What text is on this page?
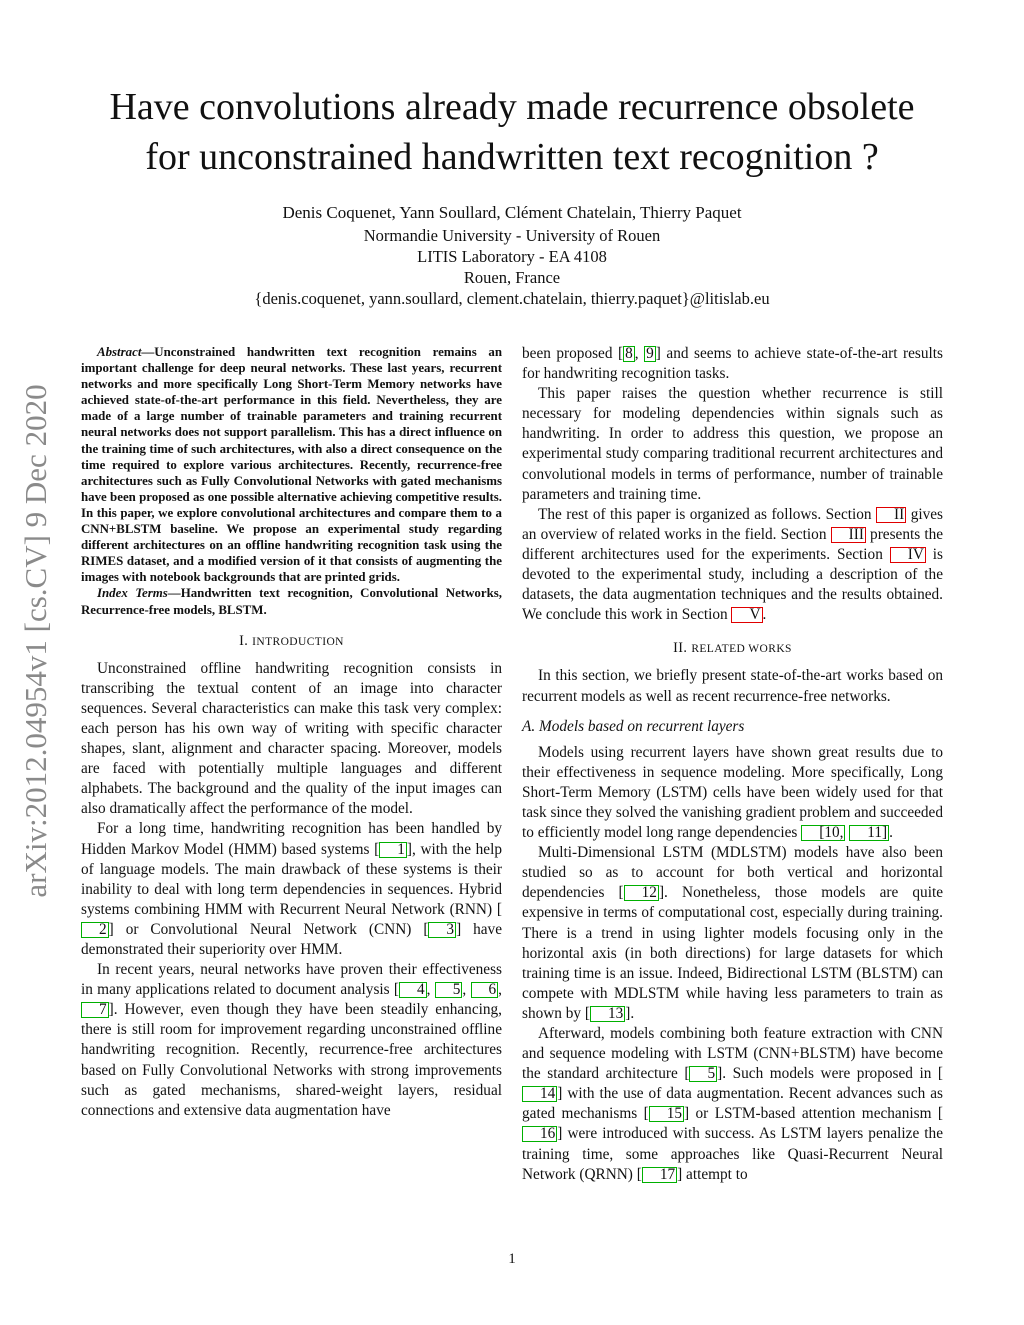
Have convolutions already made recurrence obsolete
for unconstrained handwritten text recognition ?
Denis Coquenet, Yann Soullard, Clément Chatelain, Thierry Paquet
Normandie University - University of Rouen
LITIS Laboratory - EA 4108
Rouen, France
{denis.coquenet, yann.soullard, clement.chatelain, thierry.paquet}@litislab.eu
arXiv:2012.04954v1 [cs.CV] 9 Dec 2020

Abstract—Unconstrained handwritten text recognition remains an important challenge for deep neural networks. These last years, recurrent networks and more specifically Long Short-Term Memory networks have achieved state-of-the-art performance in this field. Nevertheless, they are made of a large number of trainable parameters and training recurrent neural networks does not support parallelism. This has a direct influence on the training time of such architectures, with also a direct consequence on the time required to explore various architectures. Recently, recurrence-free architectures such as Fully Convolutional Networks with gated mechanisms have been proposed as one possible alternative achieving competitive results. In this paper, we explore convolutional architectures and compare them to a CNN+BLSTM baseline. We propose an experimental study regarding different architectures on an offline handwriting recognition task using the RIMES dataset, and a modified version of it that consists of augmenting the images with notebook backgrounds that are printed grids.

Index Terms—Handwritten text recognition, Convolutional Networks, Recurrence-free models, BLSTM.

I. INTRODUCTION

Unconstrained offline handwriting recognition consists in transcribing the textual content of an image into character sequences. Several characteristics can make this task very complex: each person has his own way of writing with specific character shapes, slant, alignment and character spacing. Moreover, models are faced with potentially multiple languages and different alphabets. The background and the quality of the input images can also dramatically affect the performance of the model.

For a long time, handwriting recognition has been handled by Hidden Markov Model (HMM) based systems [ 1 ], with the help of language models. The main drawback of these systems is their inability to deal with long term dependencies in sequences. Hybrid systems combining HMM with Recurrent Neural Network (RNN) [2 ] or Convolutional Neural Network (CNN) [ 3 ] have demonstrated their superiority over HMM.

In recent years, neural networks have proven their effectiveness in many applications related to document analysis [ 4 , 5 , 6 , 7 ]. However, even though they have been steadily enhancing, there is still room for improvement regarding unconstrained offline handwriting recognition. Recently, recurrence-free architectures based on Fully Convolutional Networks with strong improvements such as gated mechanisms, shared-weight layers, residual connections and extensive data augmentation have

been proposed [ 8 , 9 ] and seems to achieve state-of-the-art results for handwriting recognition tasks.

This paper raises the question whether recurrence is still necessary for modeling dependencies within signals such as handwriting. In order to address this question, we propose an experimental study comparing traditional recurrent architectures and convolutional models in terms of performance, number of trainable parameters and training time.

The rest of this paper is organized as follows. Section II gives an overview of related works in the field. Section III presents the different architectures used for the experiments. Section IV is devoted to the experimental study, including a description of the datasets, the data augmentation techniques and the results obtained. We conclude this work in Section V .

II. RELATED WORKS

In this section, we briefly present state-of-the-art works based on recurrent models as well as recent recurrence-free networks.

A. Models based on recurrent layers

Models using recurrent layers have shown great results due to their effectiveness in sequence modeling. More specifically, Long Short-Term Memory (LSTM) cells have been widely used for that task since they solved the vanishing gradient problem and succeeded to efficiently model long range dependencies [10, 11] .

Multi-Dimensional LSTM (MDLSTM) models have also been studied so as to account for both vertical and horizontal dependencies [ 12 ]. Nonetheless, those models are quite expensive in terms of computational cost, especially during training. There is a trend in using lighter models focusing only in the horizontal axis (in both directions) for large datasets for which training time is an issue. Indeed, Bidirectional LSTM (BLSTM) can compete with MDLSTM while having less parameters to train as shown by [ 13 ].

Afterward, models combining both feature extraction with CNN and sequence modeling with LSTM (CNN+BLSTM) have become the standard architecture [ 5 ]. Such models were proposed in [14 ] with the use of data augmentation. Recent advances such as gated mechanisms [ 15 ] or LSTM-based attention mechanism [16 ] were introduced with success. As LSTM layers penalize the training time, some approaches like Quasi-Recurrent Neural Network (QRNN) [ 17 ] attempt to

1
